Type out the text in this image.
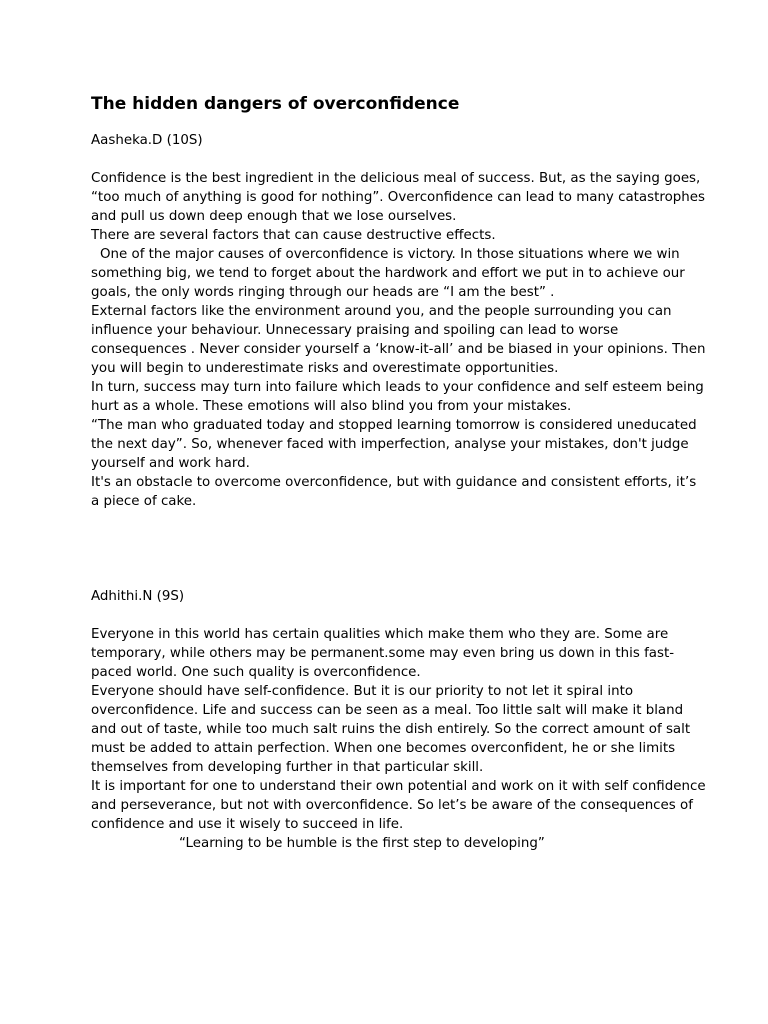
The hidden dangers of overconfidence

Aasheka.D (10S)

Confidence is the best ingredient in the delicious meal of success. But, as the saying goes, “too much of anything is good for nothing”. Overconfidence can lead to many catastrophes and pull us down deep enough that we lose ourselves.

There are several factors that can cause destructive effects.

One of the major causes of overconfidence is victory. In those situations where we win something big, we tend to forget about the hardwork and effort we put in to achieve our goals, the only words ringing through our heads are “I am the best” .

External factors like the environment around you, and the people surrounding you can influence your behaviour. Unnecessary praising and spoiling can lead to worse consequences . Never consider yourself a ‘know-it-all’ and be biased in your opinions. Then you will begin to underestimate risks and overestimate opportunities.

In turn, success may turn into failure which leads to your confidence and self esteem being hurt as a whole. These emotions will also blind you from your mistakes.

“The man who graduated today and stopped learning tomorrow is considered uneducated the next day”. So, whenever faced with imperfection, analyse your mistakes, don't judge yourself and work hard.

It's an obstacle to overcome overconfidence, but with guidance and consistent efforts, it’s a piece of cake.

Adhithi.N (9S)

Everyone in this world has certain qualities which make them who they are. Some are temporary, while others may be permanent.some may even bring us down in this fast-paced world. One such quality is overconfidence.

Everyone should have self-confidence. But it is our priority to not let it spiral into overconfidence. Life and success can be seen as a meal. Too little salt will make it bland and out of taste, while too much salt ruins the dish entirely. So the correct amount of salt must be added to attain perfection. When one becomes overconfident, he or she limits themselves from developing further in that particular skill.

It is important for one to understand their own potential and work on it with self confidence and perseverance, but not with overconfidence. So let’s be aware of the consequences of confidence and use it wisely to succeed in life.

“Learning to be humble is the first step to developing”
